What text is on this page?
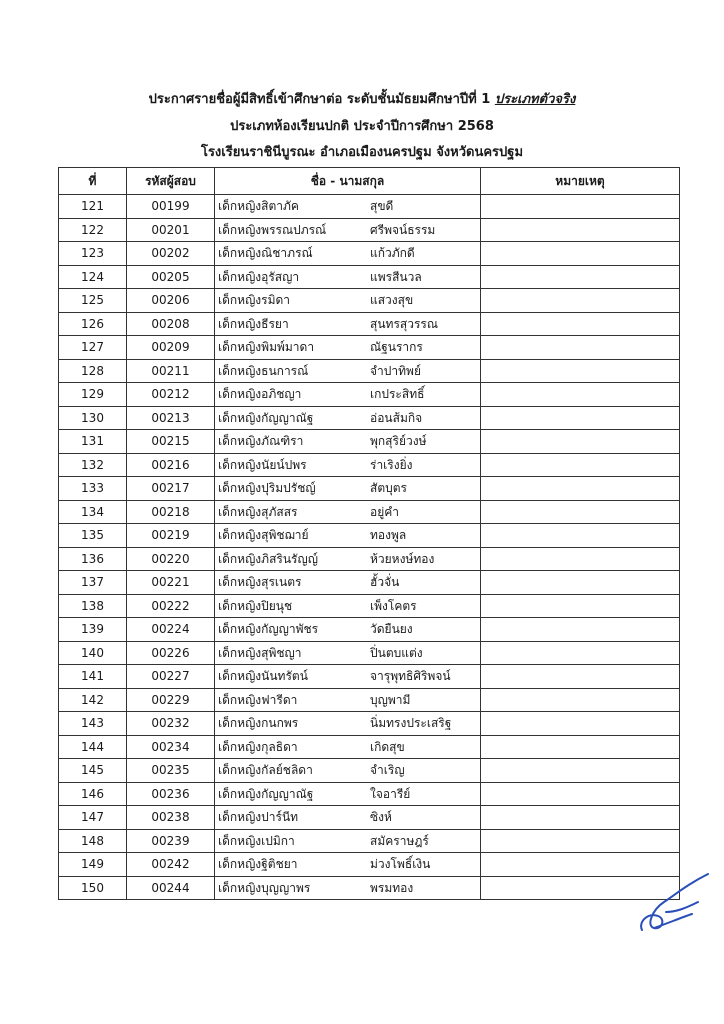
ประกาศรายชื่อผู้มีสิทธิ์เข้าศึกษาต่อ ระดับชั้นมัธยมศึกษาปีที่ 1 ประเภทตัวจริง
ประเภทห้องเรียนปกติ ประจำปีการศึกษา 2568
โรงเรียนราชินีบูรณะ อำเภอเมืองนครปฐม จังหวัดนครปฐม
ที่	รหัสผู้สอบ	ชื่อ - นามสกุล	หมายเหตุ
121	00199	เด็กหญิงสิตาภัค สุขดี	
122	00201	เด็กหญิงพรรณปภรณ์ ศรีพจน์ธรรม	
123	00202	เด็กหญิงณิชาภรณ์ แก้วภักดี	
124	00205	เด็กหญิงอุรัสญา แพรสีนวล	
125	00206	เด็กหญิงรมิดา แสวงสุข	
126	00208	เด็กหญิงธีรยา สุนทรสุวรรณ	
127	00209	เด็กหญิงพิมพ์มาดา ณัฐนรากร	
128	00211	เด็กหญิงธนการณ์ จำปาทิพย์	
129	00212	เด็กหญิงอภิชญา เกประสิทธิ์	
130	00213	เด็กหญิงกัญญาณัฐ อ่อนส้มกิจ	
131	00215	เด็กหญิงภัณฑิรา พุกสุริย์วงษ์	
132	00216	เด็กหญิงนัยน์ปพร ร่าเริงยิ่ง	
133	00217	เด็กหญิงปุริมปรัชญ์ สัตบุตร	
134	00218	เด็กหญิงสุภัสสร อยู่คำ	
135	00219	เด็กหญิงสุพิชฌาย์ ทองพูล	
136	00220	เด็กหญิงภิสรินรัญญ์ ห้วยหงษ์ทอง	
137	00221	เด็กหญิงสุรเนตร ฮั้วจั่น	
138	00222	เด็กหญิงปิยนุช เพ็งโคตร	
139	00224	เด็กหญิงกัญญาพัชร วัดยืนยง	
140	00226	เด็กหญิงสุพิชญา ปิ่นตบแต่ง	
141	00227	เด็กหญิงนันทรัตน์ จารุพุทธิศิริพจน์	
142	00229	เด็กหญิงฟารีดา บุญพามี	
143	00232	เด็กหญิงกนกพร นิ่มทรงประเสริฐ	
144	00234	เด็กหญิงกุลธิดา เกิดสุข	
145	00235	เด็กหญิงกัลย์ชลิดา จำเริญ	
146	00236	เด็กหญิงกัญญาณัฐ ใจอารีย์	
147	00238	เด็กหญิงปาร์นีท ซิงห์	
148	00239	เด็กหญิงเปมิกา สมัคราษฎร์	
149	00242	เด็กหญิงฐิติชยา ม่วงโพธิ์เงิน	
150	00244	เด็กหญิงบุญญาพร พรมทอง	
